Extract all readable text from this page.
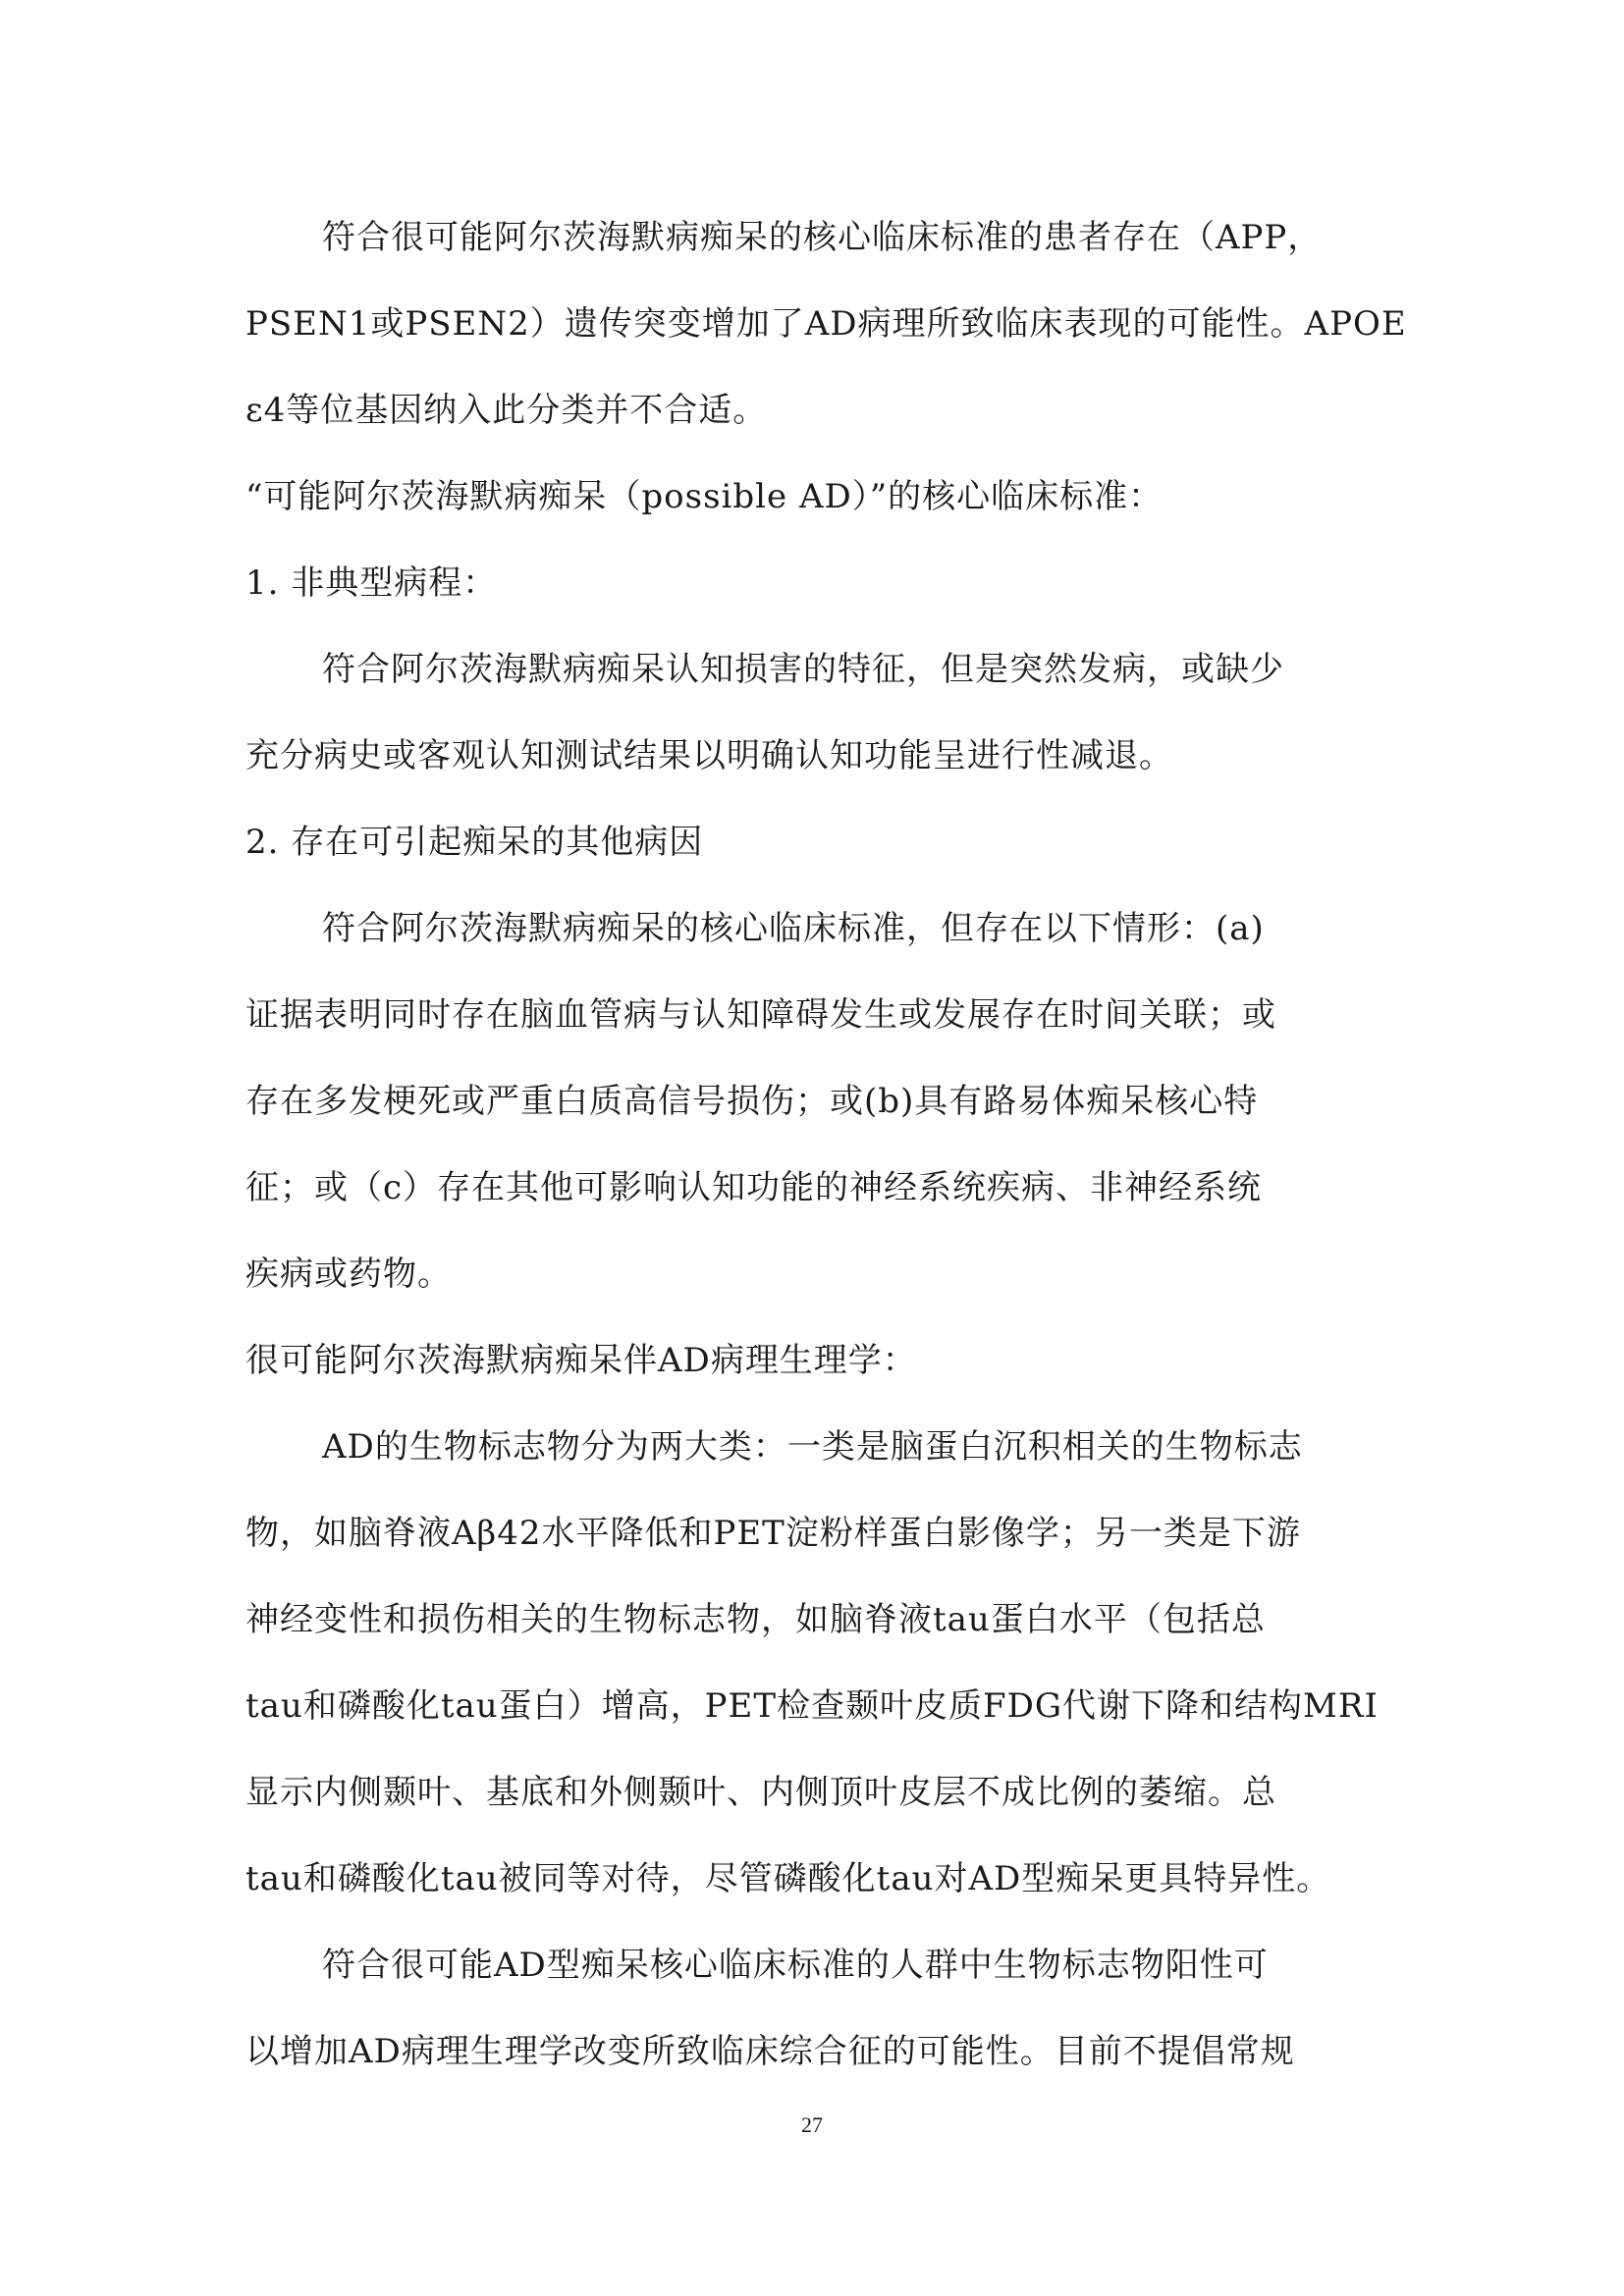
符合很可能阿尔茨海默病痴呆的核心临床标准的患者存在（APP，
PSEN1或PSEN2）遗传突变增加了AD病理所致临床表现的可能性。APOE
ε4等位基因纳入此分类并不合适。
“可能阿尔茨海默病痴呆（possible AD）”的核心临床标准：
1. 非典型病程：
符合阿尔茨海默病痴呆认知损害的特征，但是突然发病，或缺少
充分病史或客观认知测试结果以明确认知功能呈进行性减退。
2. 存在可引起痴呆的其他病因
符合阿尔茨海默病痴呆的核心临床标准，但存在以下情形：(a)
证据表明同时存在脑血管病与认知障碍发生或发展存在时间关联；或
存在多发梗死或严重白质高信号损伤；或(b)具有路易体痴呆核心特
征；或（c）存在其他可影响认知功能的神经系统疾病、非神经系统
疾病或药物。
很可能阿尔茨海默病痴呆伴AD病理生理学：
AD的生物标志物分为两大类：一类是脑蛋白沉积相关的生物标志
物，如脑脊液Aβ42水平降低和PET淀粉样蛋白影像学；另一类是下游
神经变性和损伤相关的生物标志物，如脑脊液tau蛋白水平（包括总
tau和磷酸化tau蛋白）增高，PET检查颞叶皮质FDG代谢下降和结构MRI
显示内侧颞叶、基底和外侧颞叶、内侧顶叶皮层不成比例的萎缩。总
tau和磷酸化tau被同等对待，尽管磷酸化tau对AD型痴呆更具特异性。
符合很可能AD型痴呆核心临床标准的人群中生物标志物阳性可
以增加AD病理生理学改变所致临床综合征的可能性。目前不提倡常规
27
